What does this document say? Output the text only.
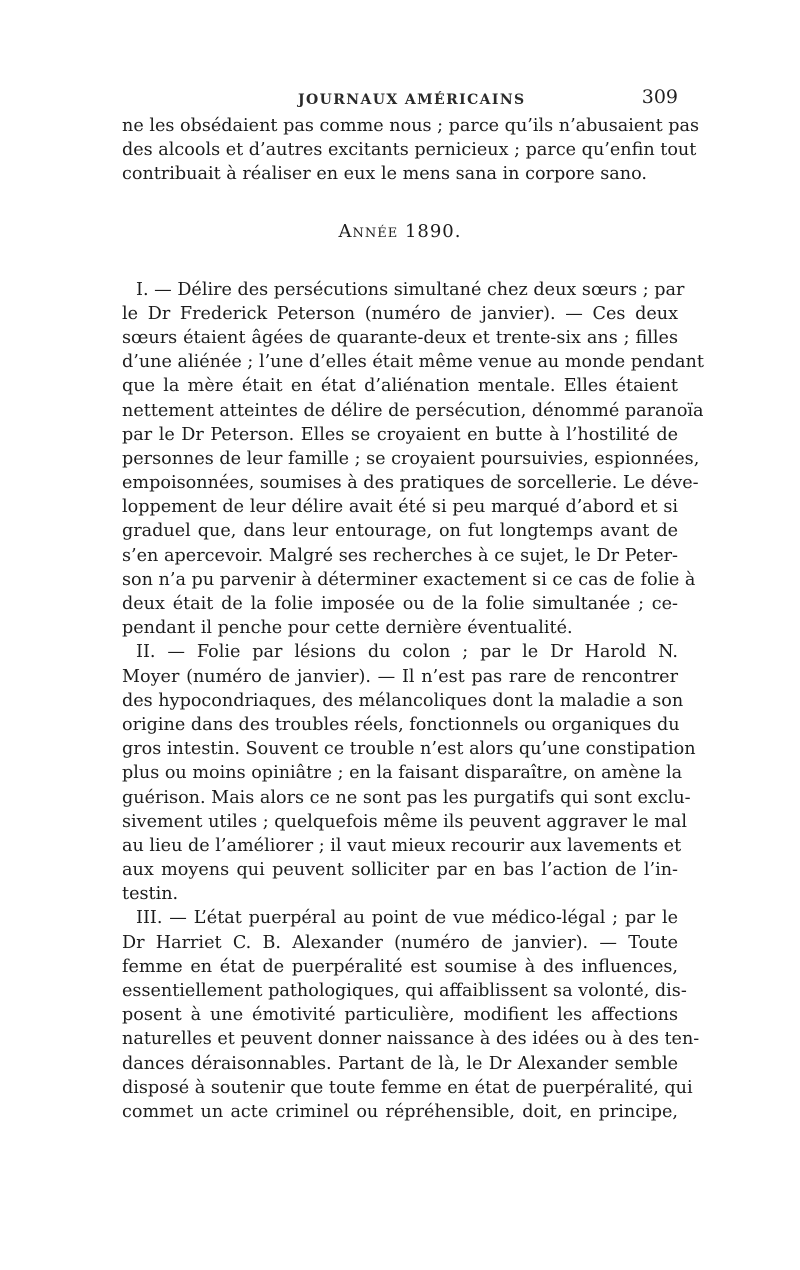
JOURNAUX AMÉRICAINS	309
ne les obsédaient pas comme nous ; parce qu’ils n’abusaient pas
des alcools et d’autres excitants pernicieux ; parce qu’enfin tout
contribuait à réaliser en eux le mens sana in corpore sano.
Année 1890.
I. — Délire des persécutions simultané chez deux sœurs ; par
le Dr Frederick Peterson (numéro de janvier). — Ces deux
sœurs étaient âgées de quarante-deux et trente-six ans ; filles
d’une aliénée ; l’une d’elles était même venue au monde pendant
que la mère était en état d’aliénation mentale. Elles étaient
nettement atteintes de délire de persécution, dénommé paranoïa
par le Dr Peterson. Elles se croyaient en butte à l’hostilité de
personnes de leur famille ; se croyaient poursuivies, espionnées,
empoisonnées, soumises à des pratiques de sorcellerie. Le déve-
loppement de leur délire avait été si peu marqué d’abord et si
graduel que, dans leur entourage, on fut longtemps avant de
s’en apercevoir. Malgré ses recherches à ce sujet, le Dr Peter-
son n’a pu parvenir à déterminer exactement si ce cas de folie à
deux était de la folie imposée ou de la folie simultanée ; ce-
pendant il penche pour cette dernière éventualité.
II. — Folie par lésions du colon ; par le Dr Harold N.
Moyer (numéro de janvier). — Il n’est pas rare de rencontrer
des hypocondriaques, des mélancoliques dont la maladie a son
origine dans des troubles réels, fonctionnels ou organiques du
gros intestin. Souvent ce trouble n’est alors qu’une constipation
plus ou moins opiniâtre ; en la faisant disparaître, on amène la
guérison. Mais alors ce ne sont pas les purgatifs qui sont exclu-
sivement utiles ; quelquefois même ils peuvent aggraver le mal
au lieu de l’améliorer ; il vaut mieux recourir aux lavements et
aux moyens qui peuvent solliciter par en bas l’action de l’in-
testin.
III. — L’état puerpéral au point de vue médico-légal ; par le
Dr Harriet C. B. Alexander (numéro de janvier). — Toute
femme en état de puerpéralité est soumise à des influences,
essentiellement pathologiques, qui affaiblissent sa volonté, dis-
posent à une émotivité particulière, modifient les affections
naturelles et peuvent donner naissance à des idées ou à des ten-
dances déraisonnables. Partant de là, le Dr Alexander semble
disposé à soutenir que toute femme en état de puerpéralité, qui
commet un acte criminel ou répréhensible, doit, en principe,
